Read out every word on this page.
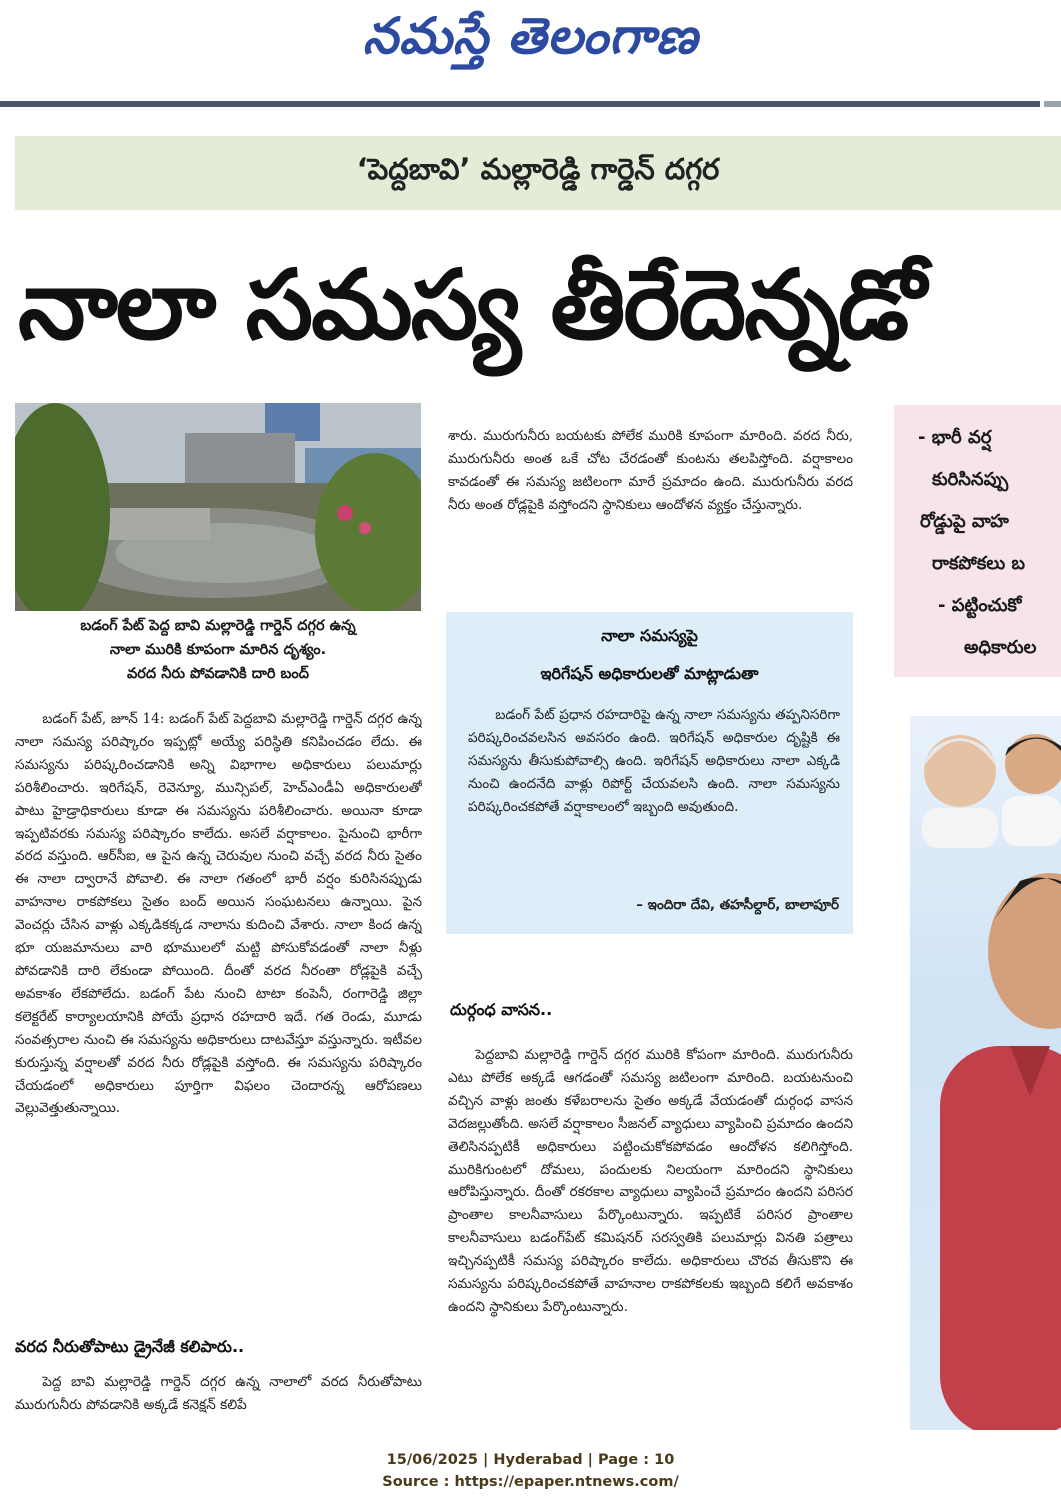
నమస్తే తెలంగాణ
‘పెద్దబావి’ మల్లారెడ్డి గార్డెన్ దగ్గర
నాలా సమస్య తీరేదెన్నడో
బడంగ్ పేట్ పెద్ద బావి మల్లారెడ్డి గార్డెన్ దగ్గర ఉన్న
నాలా మురికి కూపంగా మారిన దృశ్యం.
వరద నీరు పోవడానికి దారి బంద్

బడంగ్ పేట్, జూన్ 14: బడంగ్ పేట్ పెద్దబావి మల్లారెడ్డి గార్డెన్ దగ్గర ఉన్న నాలా సమస్య పరిష్కారం ఇప్పట్లో అయ్యే పరిస్థితి కనిపించడం లేదు. ఈ సమస్యను పరిష్కరించడానికి అన్ని విభాగాల అధికారులు పలుమార్లు పరిశీలించారు. ఇరిగేషన్, రెవెన్యూ, మున్సిపల్, హెచ్ఎండీఏ అధికారులతో పాటు హైడ్రాధికారులు కూడా ఈ సమస్యను పరిశీలించారు. అయినా కూడా ఇప్పటివరకు సమస్య పరిష్కారం కాలేదు. అసలే వర్షాకాలం. పైనుంచి భారీగా వరద వస్తుంది. ఆర్‌సీఐ, ఆ పైన ఉన్న చెరువుల నుంచి వచ్చే వరద నీరు సైతం ఈ నాలా ద్వారానే పోవాలి. ఈ నాలా గతంలో భారీ వర్షం కురిసినప్పుడు వాహనాల రాకపోకలు సైతం బంద్ అయిన సంఘటనలు ఉన్నాయి. పైన వెంచర్లు చేసిన వాళ్లు ఎక్కడికక్కడ నాలాను కుదించి వేశారు. నాలా కింద ఉన్న భూ యజమానులు వారి భూములలో మట్టి పోసుకోవడంతో నాలా నీళ్లు పోవడానికి దారి లేకుండా పోయింది. దీంతో వరద నీరంతా రోడ్లపైకి వచ్చే అవకాశం లేకపోలేదు. బడంగ్ పేట నుంచి టాటా కంపెనీ, రంగారెడ్డి జిల్లా కలెక్టరేట్ కార్యాలయానికి పోయే ప్రధాన రహదారి ఇదే. గత రెండు, మూడు సంవత్సరాల నుంచి ఈ సమస్యను అధికారులు దాటవేస్తూ వస్తున్నారు. ఇటీవల కురుస్తున్న వర్షాలతో వరద నీరు రోడ్లపైకి వస్తోంది. ఈ సమస్యను పరిష్కారం చేయడంలో అధికారులు పూర్తిగా విఫలం చెందారన్న ఆరోపణలు వెల్లువెత్తుతున్నాయి.

వరద నీరుతోపాటు డ్రైనేజీ కలిపారు..

పెద్ద బావి మల్లారెడ్డి గార్డెన్ దగ్గర ఉన్న నాలాలో వరద నీరుతోపాటు మురుగునీరు పోవడానికి అక్కడే కనెక్షన్ కలిపే

శారు. మురుగునీరు బయటకు పోలేక మురికి కూపంగా మారింది. వరద నీరు, మురుగునీరు అంత ఒకే చోట చేరడంతో కుంటను తలపిస్తోంది. వర్షాకాలం కావడంతో ఈ సమస్య జటిలంగా మారే ప్రమాదం ఉంది. మురుగునీరు వరద నీరు అంత రోడ్లపైకి వస్తోందని స్థానికులు ఆందోళన వ్యక్తం చేస్తున్నారు.

నాలా సమస్యపై
ఇరిగేషన్ అధికారులతో మాట్లాడుతా

బడంగ్ పేట్ ప్రధాన రహదారిపై ఉన్న నాలా సమస్యను తప్పనిసరిగా పరిష్కరించవలసిన అవసరం ఉంది. ఇరిగేషన్ అధికారుల దృష్టికి ఈ సమస్యను తీసుకుపోవాల్సి ఉంది. ఇరిగేషన్ అధికారులు నాలా ఎక్కడి నుంచి ఉందనేది వాళ్లు రిపోర్ట్ చేయవలసి ఉంది. నాలా సమస్యను పరిష్కరించకపోతే వర్షాకాలంలో ఇబ్బంది అవుతుంది.

– ఇందిరా దేవి, తహసీల్దార్, బాలాపూర్
దుర్గంధ వాసన..

పెద్దబావి మల్లారెడ్డి గార్డెన్ దగ్గర మురికి కోపంగా మారింది. మురుగునీరు ఎటు పోలేక అక్కడే ఆగడంతో సమస్య జటిలంగా మారింది. బయటనుంచి వచ్చిన వాళ్లు జంతు కళేబరాలను సైతం అక్కడే వేయడంతో దుర్గంధ వాసన వెదజల్లుతోంది. అసలే వర్షాకాలం సీజనల్ వ్యాధులు వ్యాపించి ప్రమాదం ఉందని తెలిసినప్పటికీ అధికారులు పట్టించుకోకపోవడం ఆందోళన కలిగిస్తోంది. మురికిగుంటలో దోమలు, పందులకు నిలయంగా మారిందని స్థానికులు ఆరోపిస్తున్నారు. దీంతో రకరకాల వ్యాధులు వ్యాపించే ప్రమాదం ఉందని పరిసర ప్రాంతాల కాలనీవాసులు పేర్కొంటున్నారు. ఇప్పటికే పరిసర ప్రాంతాల కాలనీవాసులు బడంగ్‌పేట్ కమిషనర్ సరస్వతికి పలుమార్లు వినతి పత్రాలు ఇచ్చినప్పటికీ సమస్య పరిష్కారం కాలేదు. అధికారులు చొరవ తీసుకొని ఈ సమస్యను పరిష్కరించకపోతే వాహనాల రాకపోకలకు ఇబ్బంది కలిగే అవకాశం ఉందని స్థానికులు పేర్కొంటున్నారు.

- భారీ వర్ష
కురిసినప్పు
రోడ్డుపై వాహ
రాకపోకలు బ
- పట్టించుకో
అధికారుల
15/06/2025 | Hyderabad | Page : 10
Source : https://epaper.ntnews.com/
